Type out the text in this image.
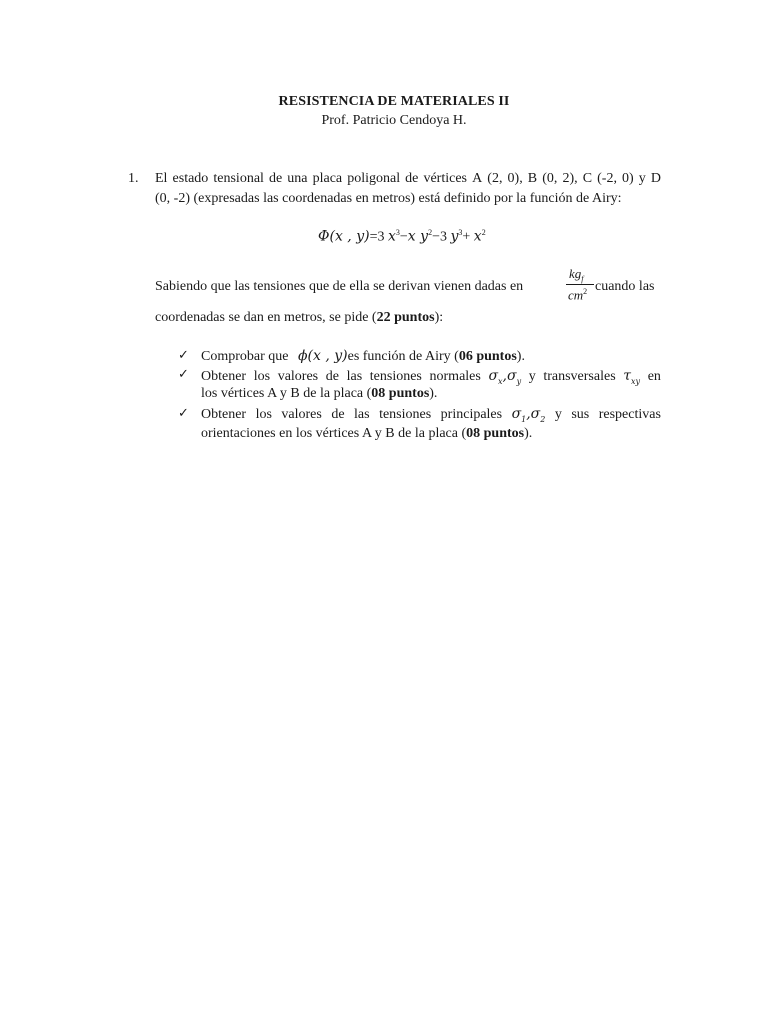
RESISTENCIA DE MATERIALES II
Prof. Patricio Cendoya H.
1. El estado tensional de una placa poligonal de vértices A (2, 0), B (0, 2), C (-2, 0) y D
(0, -2) (expresadas las coordenadas en metros) está definido por la función de Airy:
Φ(x , y)=3 $x^3-x$ $y^2-3$ $y^3+ x^2$
Sabiendo que las tensiones que de ella se derivan vienen dadas en
$kg_f$
$cm^2$ cuando las
coordenadas se dan en metros, se pide (22 puntos):
✓ Comprobar que ϕ(x , y)es función de Airy (06 puntos).
✓ Obtener los valores de las tensiones normales $\sigma_x,\sigma_y$ y transversales $\tau_{xy}$ en
los vértices A y B de la placa (08 puntos).
✓ Obtener los valores de las tensiones principales $\sigma_1,\sigma_2$ y sus respectivas
orientaciones en los vértices A y B de la placa (08 puntos).
